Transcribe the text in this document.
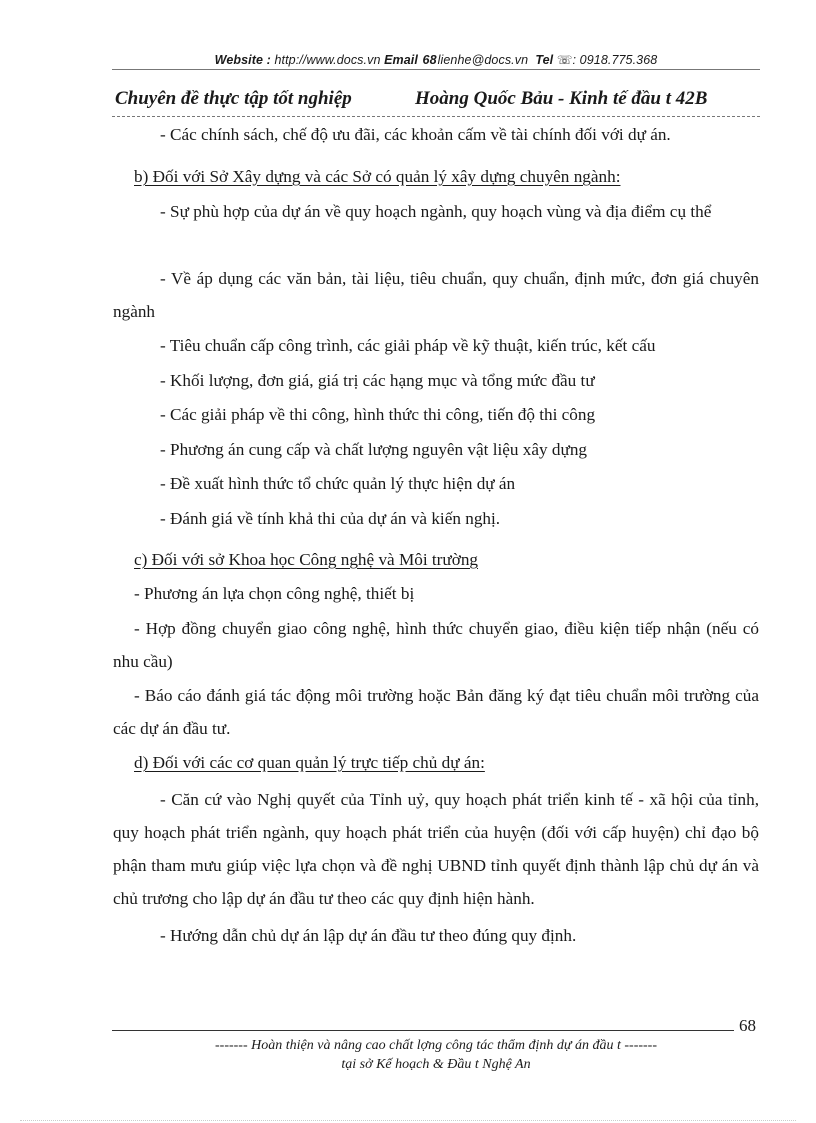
Website : http://www.docs.vn Email 68lienhe@docs.vn Tel ☏: 0918.775.368
Chuyên đề thực tập tốt nghiệp	Hoàng Quốc Bảu - Kinh tế đầu t 42B
- Các chính sách, chế độ ưu đãi, các khoản cấm về tài chính đối với dự án.
b) Đối với Sở Xây dựng và các Sở có quản lý xây dựng chuyên ngành:

- Sự phù hợp của dự án về quy hoạch ngành, quy hoạch vùng và địa điểm cụ thể

- Về áp dụng các văn bản, tài liệu, tiêu chuẩn, quy chuẩn, định mức, đơn giá chuyên ngành

- Tiêu chuẩn cấp công trình, các giải pháp về kỹ thuật, kiến trúc, kết cấu
- Khối lượng, đơn giá, giá trị các hạng mục và tổng mức đầu tư
- Các giải pháp về thi công, hình thức thi công, tiến độ thi công
- Phương án cung cấp và chất lượng nguyên vật liệu xây dựng
- Đề xuất hình thức tổ chức quản lý thực hiện dự án
- Đánh giá về tính khả thi của dự án và kiến nghị.
c) Đối với sở Khoa học Công nghệ và Môi trường
- Phương án lựa chọn công nghệ, thiết bị

- Hợp đồng chuyển giao công nghệ, hình thức chuyển giao, điều kiện tiếp nhận (nếu có nhu cầu)

- Báo cáo đánh giá tác động môi trường hoặc Bản đăng ký đạt tiêu chuẩn môi trường của các dự án đầu tư.

d) Đối với các cơ quan quản lý trực tiếp chủ dự án:

- Căn cứ vào Nghị quyết của Tỉnh uỷ, quy hoạch phát triển kinh tế - xã hội của tỉnh, quy hoạch phát triển ngành, quy hoạch phát triển của huyện (đối với cấp huyện) chỉ đạo bộ phận tham mưu giúp việc lựa chọn và đề nghị UBND tỉnh quyết định thành lập chủ dự án và chủ trương cho lập dự án đầu tư theo các quy định hiện hành.

- Hướng dẫn chủ dự án lập dự án đầu tư theo đúng quy định.
68
------- Hoàn thiện và nâng cao chất lợng công tác thẩm định dự án đầu t -------
tại sở Kế hoạch & Đầu t Nghệ An
